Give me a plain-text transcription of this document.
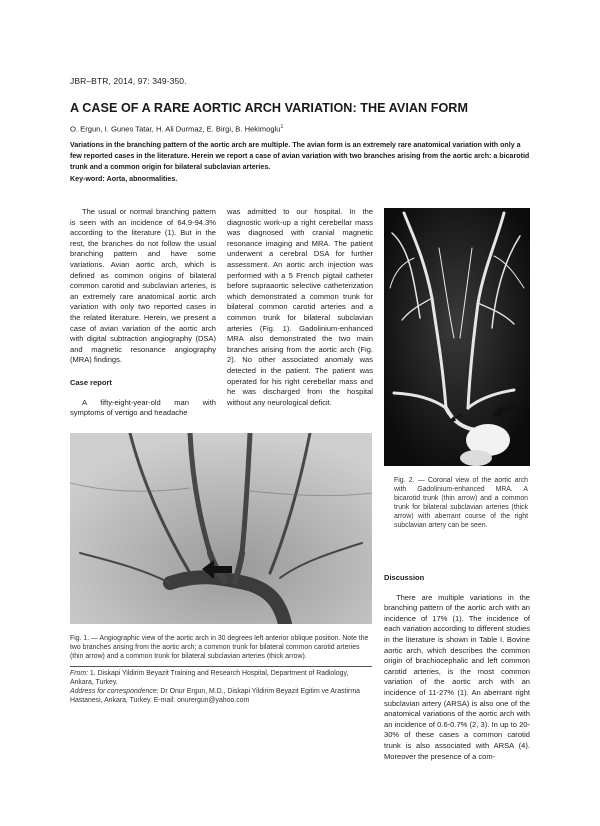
JBR–BTR, 2014, 97: 349-350.
A CASE OF A RARE AORTIC ARCH VARIATION: THE AVIAN FORM
O. Ergun, I. Gunes Tatar, H. Ali Durmaz, E. Birgi, B. Hekimoglu$^1$
Variations in the branching pattern of the aortic arch are multiple. The avian form is an extremely rare anatomical variation with only a few reported cases in the literature. Herein we report a case of avian variation with two branches arising from the aortic arch: a bicarotid trunk and a common origin for bilateral subclavian arteries.
Key-word: Aorta, abnormalities.

The usual or normal branching pattern is seen with an incidence of 64.9-94.3% according to the literature (1). But in the rest, the branches do not follow the usual branching pattern and have some variations. Avian aortic arch, which is defined as common origins of bilateral common carotid and subclavian arteries, is an extremely rare anatomical aortic arch variation with only two reported cases in the related literature. Herein, we present a case of avian variation of the aortic arch with digital subtraction angiography (DSA) and magnetic resonance angiography (MRA) findings.

Case report

A fifty-eight-year-old man with symptoms of vertigo and headache

was admitted to our hospital. In the diagnostic work-up a right cerebellar mass was diagnosed with cranial magnetic resonance imaging and MRA. The patient underwent a cerebral DSA for further assessment. An aortic arch injection was performed with a 5 French pigtail catheter before supraaortic selective catheterization which demonstrated a common trunk for bilateral common carotid arteries and a common trunk for bilateral subclavian arteries (Fig. 1). Gadolinium-enhanced MRA also demonstrated the two main branches arising from the aortic arch (Fig. 2). No other associated anomaly was detected in the patient. The patient was operated for his right cerebellar mass and he was discharged from the hospital without any neurological deficit.

Fig. 2. — Coronal view of the aortic arch with Gadolinium-enhanced MRA. A bicarotid trunk (thin arrow) and a common trunk for bilateral subclavian arteries (thick arrow) with aberrant course of the right subclavian artery can be seen.
Fig. 1. — Angiographic view of the aortic arch in 30 degrees left anterior oblique position. Note the two branches arising from the aortic arch; a common trunk for bilateral common carotid arteries (thin arrow) and a common trunk for bilateral subclavian arteries (thick arrow).

From: 1. Diskapi Yildirim Beyazit Training and Research Hospital, Department of Radiology, Ankara, Turkey.

Address for correspondence: Dr Onur Ergun, M.D., Diskapi Yildirim Beyazit Egitim ve Arastirma Hastanesi, Ankara, Turkey. E-mail: onurergun@yahoo.com

Discussion

There are multiple variations in the branching pattern of the aortic arch with an incidence of 17% (1). The incidence of each variation according to different studies in the literature is shown in Table I. Bovine aortic arch, which describes the common origin of brachiocephalic and left common carotid arteries, is the most common variation of the aortic arch with an incidence of 11-27% (1). An aberrant right subclavian artery (ARSA) is also one of the anatomical variations of the aortic arch with an incidence of 0.6-0.7% (2, 3). In up to 20-30% of these cases a common carotid trunk is also associated with ARSA (4). Moreover the presence of a com-
